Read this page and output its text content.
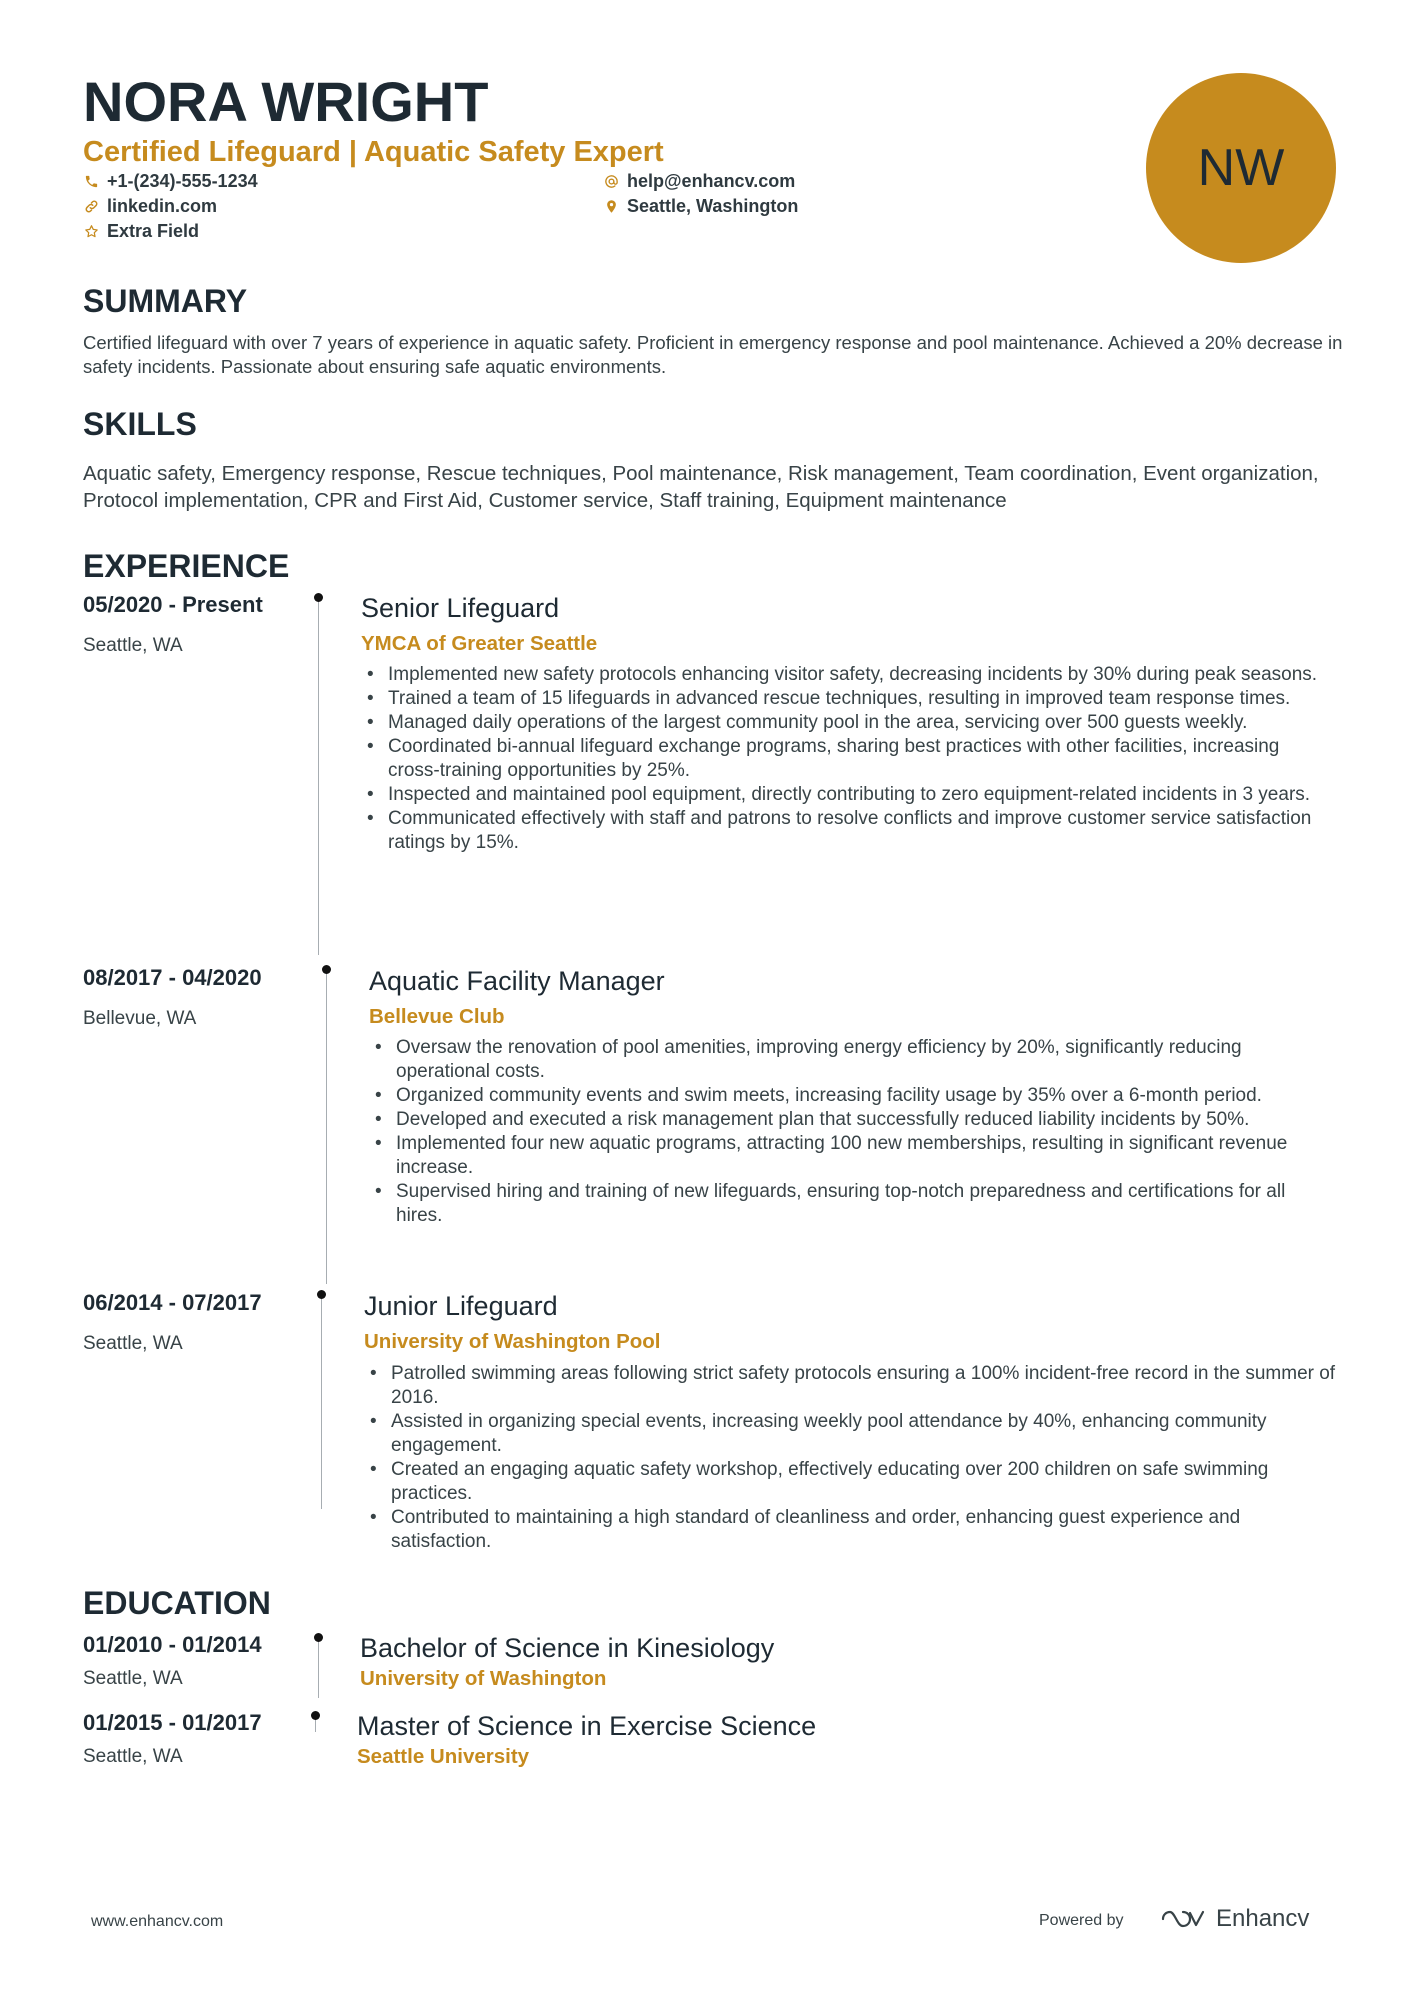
NORA WRIGHT
Certified Lifeguard | Aquatic Safety Expert
+1-(234)-555-1234
linkedin.com
Extra Field
help@enhancv.com
Seattle, Washington
NW
SUMMARY

Certified lifeguard with over 7 years of experience in aquatic safety. Proficient in emergency response and pool maintenance. Achieved a 20% decrease in safety incidents. Passionate about ensuring safe aquatic environments.

SKILLS

Aquatic safety, Emergency response, Rescue techniques, Pool maintenance, Risk management, Team coordination, Event organization, Protocol implementation, CPR and First Aid, Customer service, Staff training, Equipment maintenance

EXPERIENCE
05/2020 - Present
Seattle, WA
Senior Lifeguard
YMCA of Greater Seattle
• Implemented new safety protocols enhancing visitor safety, decreasing incidents by 30% during peak seasons.
• Trained a team of 15 lifeguards in advanced rescue techniques, resulting in improved team response times.
• Managed daily operations of the largest community pool in the area, servicing over 500 guests weekly.
• Coordinated bi-annual lifeguard exchange programs, sharing best practices with other facilities, increasing cross-training opportunities by 25%.
• Inspected and maintained pool equipment, directly contributing to zero equipment-related incidents in 3 years.
• Communicated effectively with staff and patrons to resolve conflicts and improve customer service satisfaction ratings by 15%.
08/2017 - 04/2020
Bellevue, WA
Aquatic Facility Manager
Bellevue Club
• Oversaw the renovation of pool amenities, improving energy efficiency by 20%, significantly reducing operational costs.
• Organized community events and swim meets, increasing facility usage by 35% over a 6-month period.
• Developed and executed a risk management plan that successfully reduced liability incidents by 50%.
• Implemented four new aquatic programs, attracting 100 new memberships, resulting in significant revenue increase.
• Supervised hiring and training of new lifeguards, ensuring top-notch preparedness and certifications for all hires.
06/2014 - 07/2017
Seattle, WA
Junior Lifeguard
University of Washington Pool
• Patrolled swimming areas following strict safety protocols ensuring a 100% incident-free record in the summer of 2016.
• Assisted in organizing special events, increasing weekly pool attendance by 40%, enhancing community engagement.
• Created an engaging aquatic safety workshop, effectively educating over 200 children on safe swimming practices.
• Contributed to maintaining a high standard of cleanliness and order, enhancing guest experience and satisfaction.
EDUCATION
01/2010 - 01/2014
Seattle, WA
Bachelor of Science in Kinesiology
University of Washington
01/2015 - 01/2017
Seattle, WA
Master of Science in Exercise Science
Seattle University
www.enhancv.com	Powered by	Enhancv
